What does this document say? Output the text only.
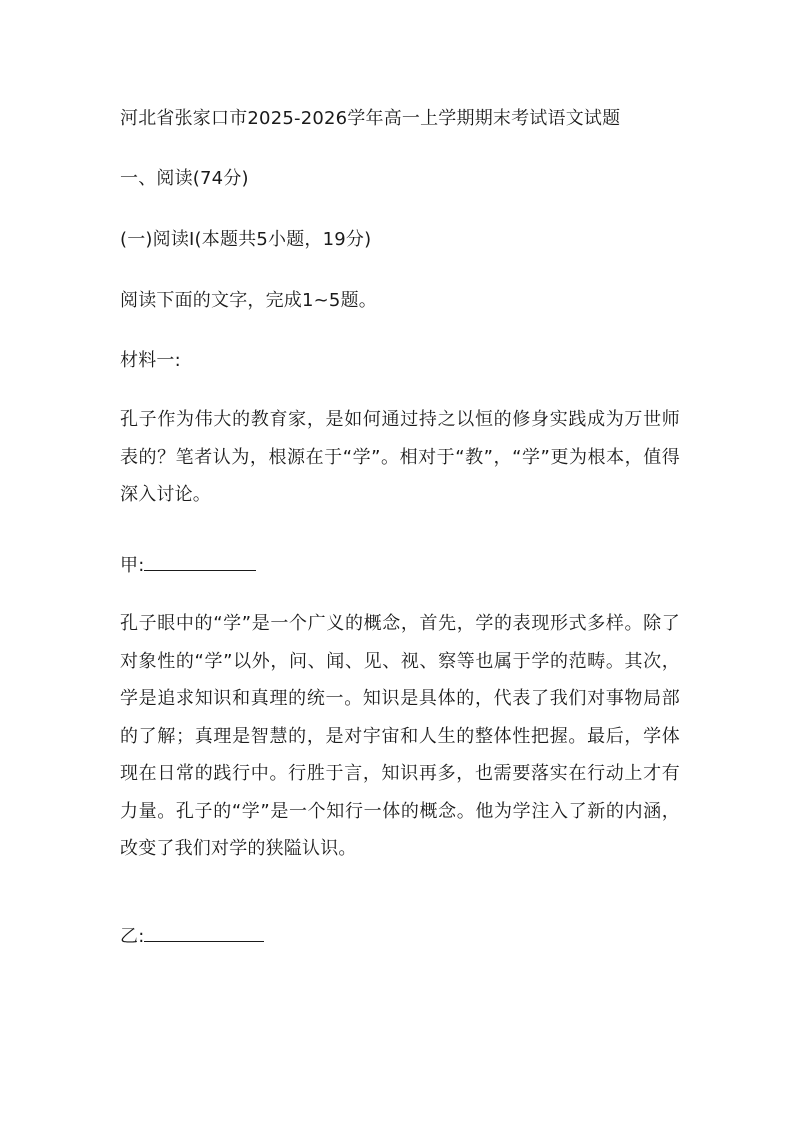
河北省张家口市2025-2026学年高一上学期期末考试语文试题
一、阅读(74分)
(一)阅读Ⅰ(本题共5小题，19分)
阅读下面的文字，完成1~5题。
材料一:
孔子作为伟大的教育家，是如何通过持之以恒的修身实践成为万世师表的？笔者认为，根源在于“学”。相对于“教”，“学”更为根本，值得深入讨论。
甲:
孔子眼中的“学”是一个广义的概念，首先，学的表现形式多样。除了对象性的“学”以外，问、闻、见、视、察等也属于学的范畴。其次，学是追求知识和真理的统一。知识是具体的，代表了我们对事物局部的了解；真理是智慧的，是对宇宙和人生的整体性把握。最后，学体现在日常的践行中。行胜于言，知识再多，也需要落实在行动上才有力量。孔子的“学”是一个知行一体的概念。他为学注入了新的内涵，改变了我们对学的狭隘认识。
乙:
